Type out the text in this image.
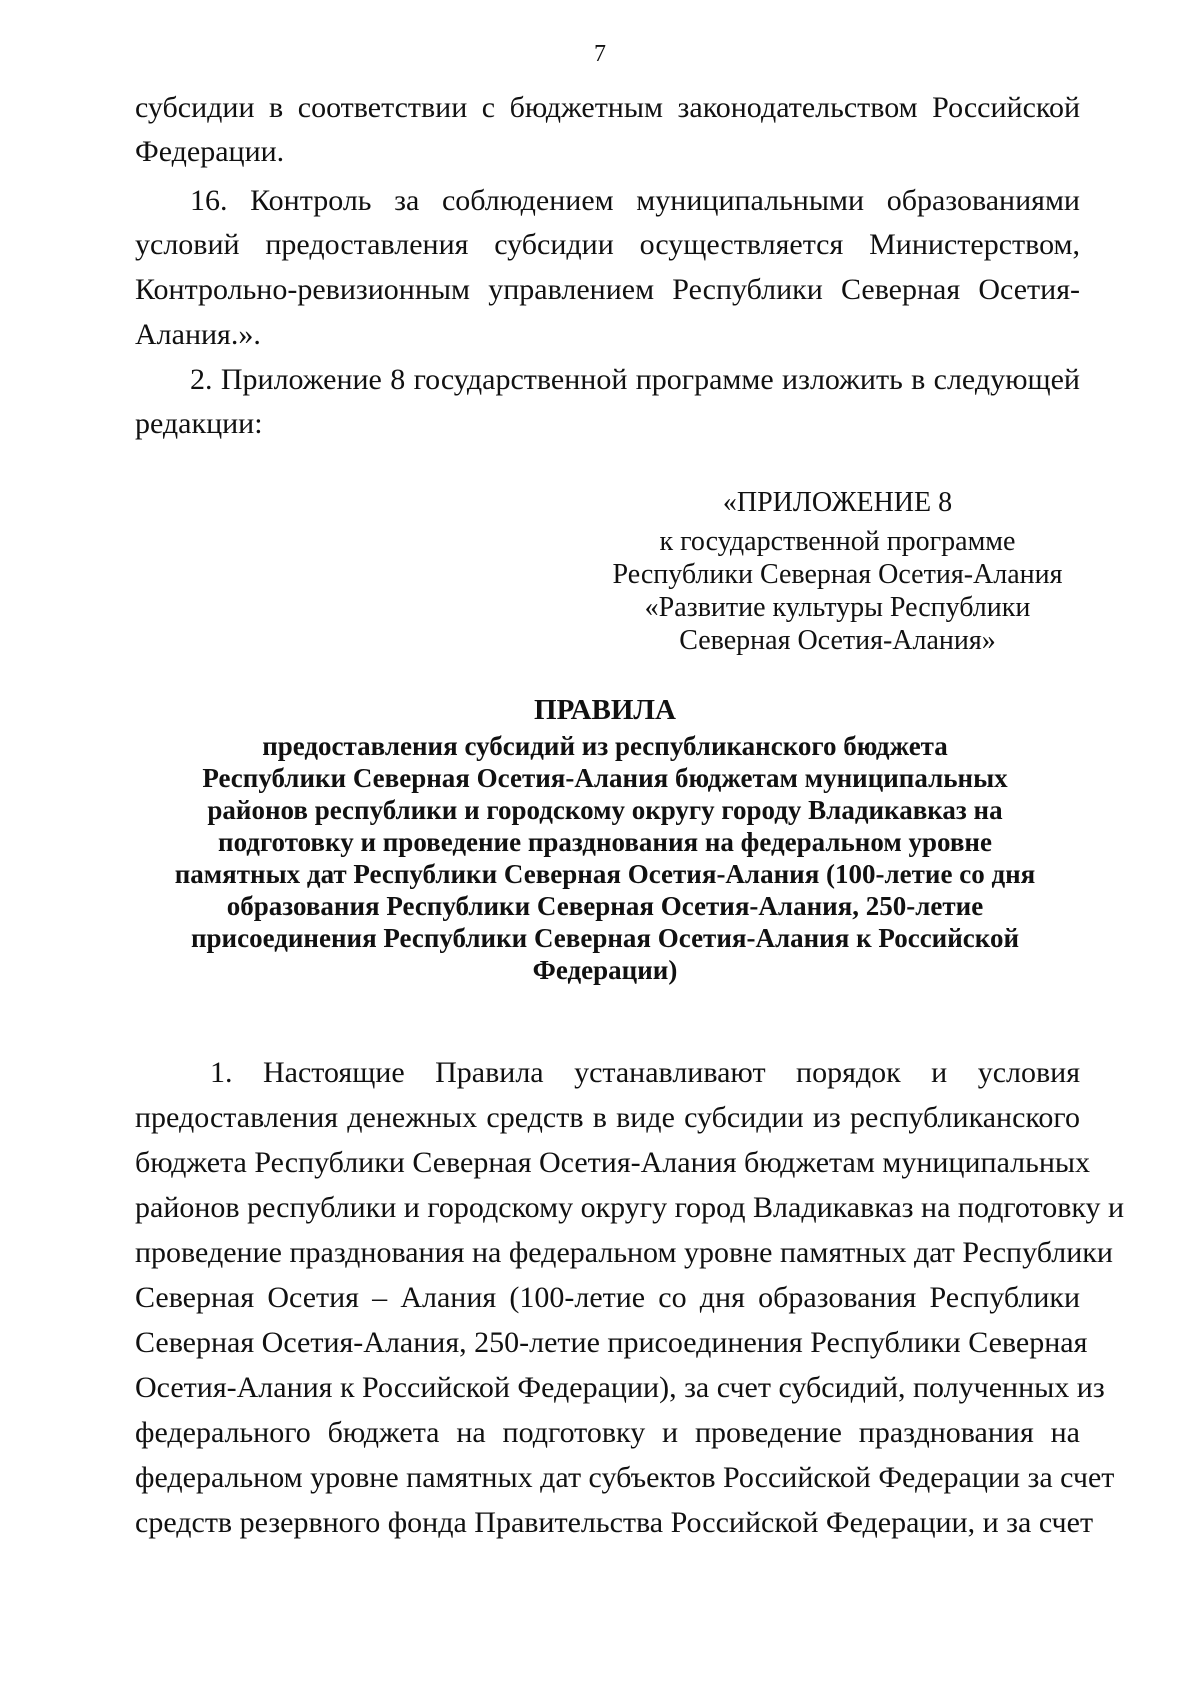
7
субсидии в соответствии с бюджетным законодательством Российской
Федерации.
16. Контроль за соблюдением муниципальными образованиями
условий предоставления субсидии осуществляется Министерством,
Контрольно-ревизионным управлением Республики Северная Осетия-
Алания.».
2. Приложение 8 государственной программе изложить в следующей
редакции:
«ПРИЛОЖЕНИЕ 8
к государственной программе
Республики Северная Осетия-Алания
«Развитие культуры Республики
Северная Осетия-Алания»
ПРАВИЛА
предоставления субсидий из республиканского бюджета
Республики Северная Осетия-Алания бюджетам муниципальных
районов республики и городскому округу городу Владикавказ на
подготовку и проведение празднования на федеральном уровне
памятных дат Республики Северная Осетия-Алания (100-летие со дня
образования Республики Северная Осетия-Алания, 250-летие
присоединения Республики Северная Осетия-Алания к Российской
Федерации)
1. Настоящие Правила устанавливают порядок и условия
предоставления денежных средств в виде субсидии из республиканского
бюджета Республики Северная Осетия-Алания бюджетам муниципальных
районов республики и городскому округу город Владикавказ на подготовку и
проведение празднования на федеральном уровне памятных дат Республики
Северная Осетия – Алания (100-летие со дня образования Республики
Северная Осетия-Алания, 250-летие присоединения Республики Северная
Осетия-Алания к Российской Федерации), за счет субсидий, полученных из
федерального бюджета на подготовку и проведение празднования на
федеральном уровне памятных дат субъектов Российской Федерации за счет
средств резервного фонда Правительства Российской Федерации, и за счет
